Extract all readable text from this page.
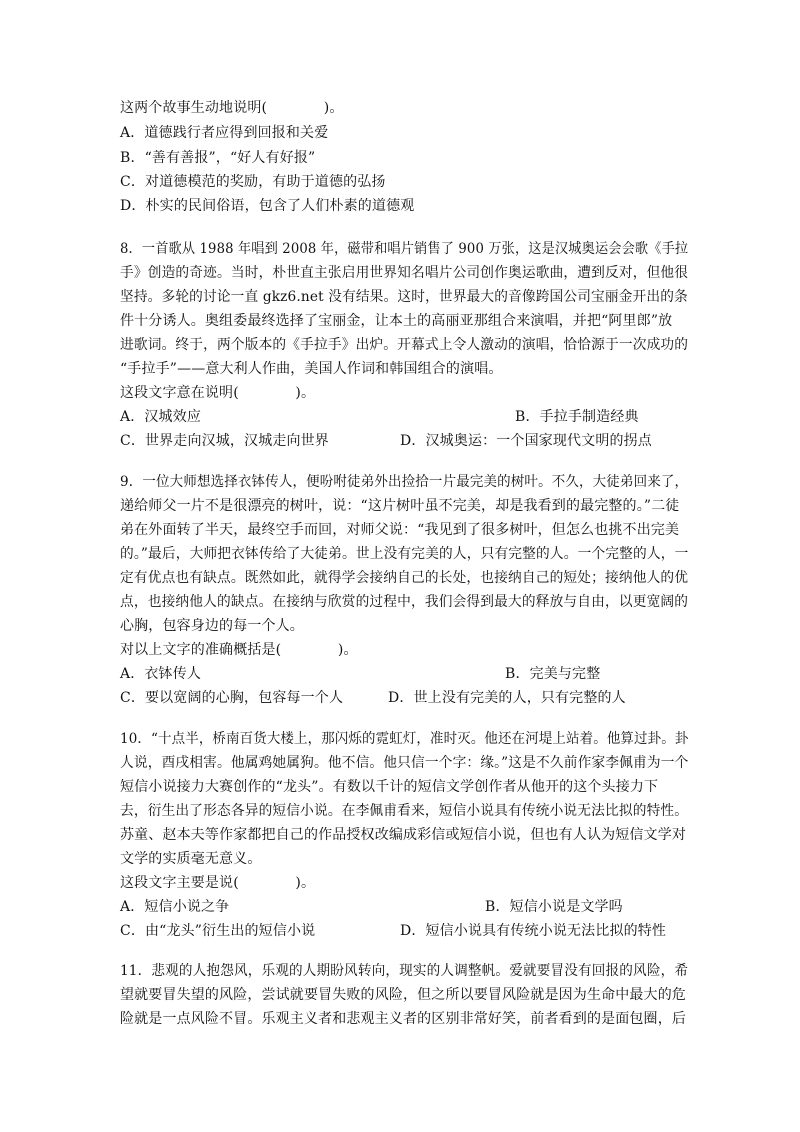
这两个故事生动地说明(　　　　)。
A．道德践行者应得到回报和关爱
B．“善有善报”，“好人有好报”
C．对道德模范的奖励，有助于道德的弘扬
D．朴实的民间俗语，包含了人们朴素的道德观
8．一首歌从 1988 年唱到 2008 年，磁带和唱片销售了 900 万张，这是汉城奥运会会歌《手拉
手》创造的奇迹。当时，朴世直主张启用世界知名唱片公司创作奥运歌曲，遭到反对，但他很
坚持。多轮的讨论一直 gkz6.net 没有结果。这时，世界最大的音像跨国公司宝丽金开出的条
件十分诱人。奥组委最终选择了宝丽金，让本土的高丽亚那组合来演唱，并把“阿里郎”放
进歌词。终于，两个版本的《手拉手》出炉。开幕式上令人激动的演唱，恰恰源于一次成功的
“手拉手”——意大利人作曲，美国人作词和韩国组合的演唱。
这段文字意在说明(　　　　)。
A．汉城效应	B．手拉手制造经典
C．世界走向汉城，汉城走向世界	D．汉城奥运：一个国家现代文明的拐点
9．一位大师想选择衣钵传人，便吩咐徒弟外出捡拾一片最完美的树叶。不久，大徒弟回来了，
递给师父一片不是很漂亮的树叶，说：“这片树叶虽不完美，却是我看到的最完整的。”二徒
弟在外面转了半天，最终空手而回，对师父说：“我见到了很多树叶，但怎么也挑不出完美
的。”最后，大师把衣钵传给了大徒弟。世上没有完美的人，只有完整的人。一个完整的人，一
定有优点也有缺点。既然如此，就得学会接纳自己的长处，也接纳自己的短处；接纳他人的优
点，也接纳他人的缺点。在接纳与欣赏的过程中，我们会得到最大的释放与自由，以更宽阔的
心胸，包容身边的每一个人。
对以上文字的准确概括是(　　　　)。
A．衣钵传人	B．完美与完整
C．要以宽阔的心胸，包容每一个人	D．世上没有完美的人，只有完整的人
10．“十点半，桥南百货大楼上，那闪烁的霓虹灯，准时灭。他还在河堤上站着。他算过卦。卦
人说，酉戌相害。他属鸡她属狗。他不信。他只信一个字：缘。”这是不久前作家李佩甫为一个
短信小说接力大赛创作的“龙头”。有数以千计的短信文学创作者从他开的这个头接力下
去，衍生出了形态各异的短信小说。在李佩甫看来，短信小说具有传统小说无法比拟的特性。
苏童、赵本夫等作家都把自己的作品授权改编成彩信或短信小说，但也有人认为短信文学对
文学的实质毫无意义。
这段文字主要是说(　　　　)。
A．短信小说之争	B．短信小说是文学吗
C．由“龙头”衍生出的短信小说	D．短信小说具有传统小说无法比拟的特性
11．悲观的人抱怨风，乐观的人期盼风转向，现实的人调整帆。爱就要冒没有回报的风险，希
望就要冒失望的风险，尝试就要冒失败的风险，但之所以要冒风险就是因为生命中最大的危
险就是一点风险不冒。乐观主义者和悲观主义者的区别非常好笑，前者看到的是面包圈，后
